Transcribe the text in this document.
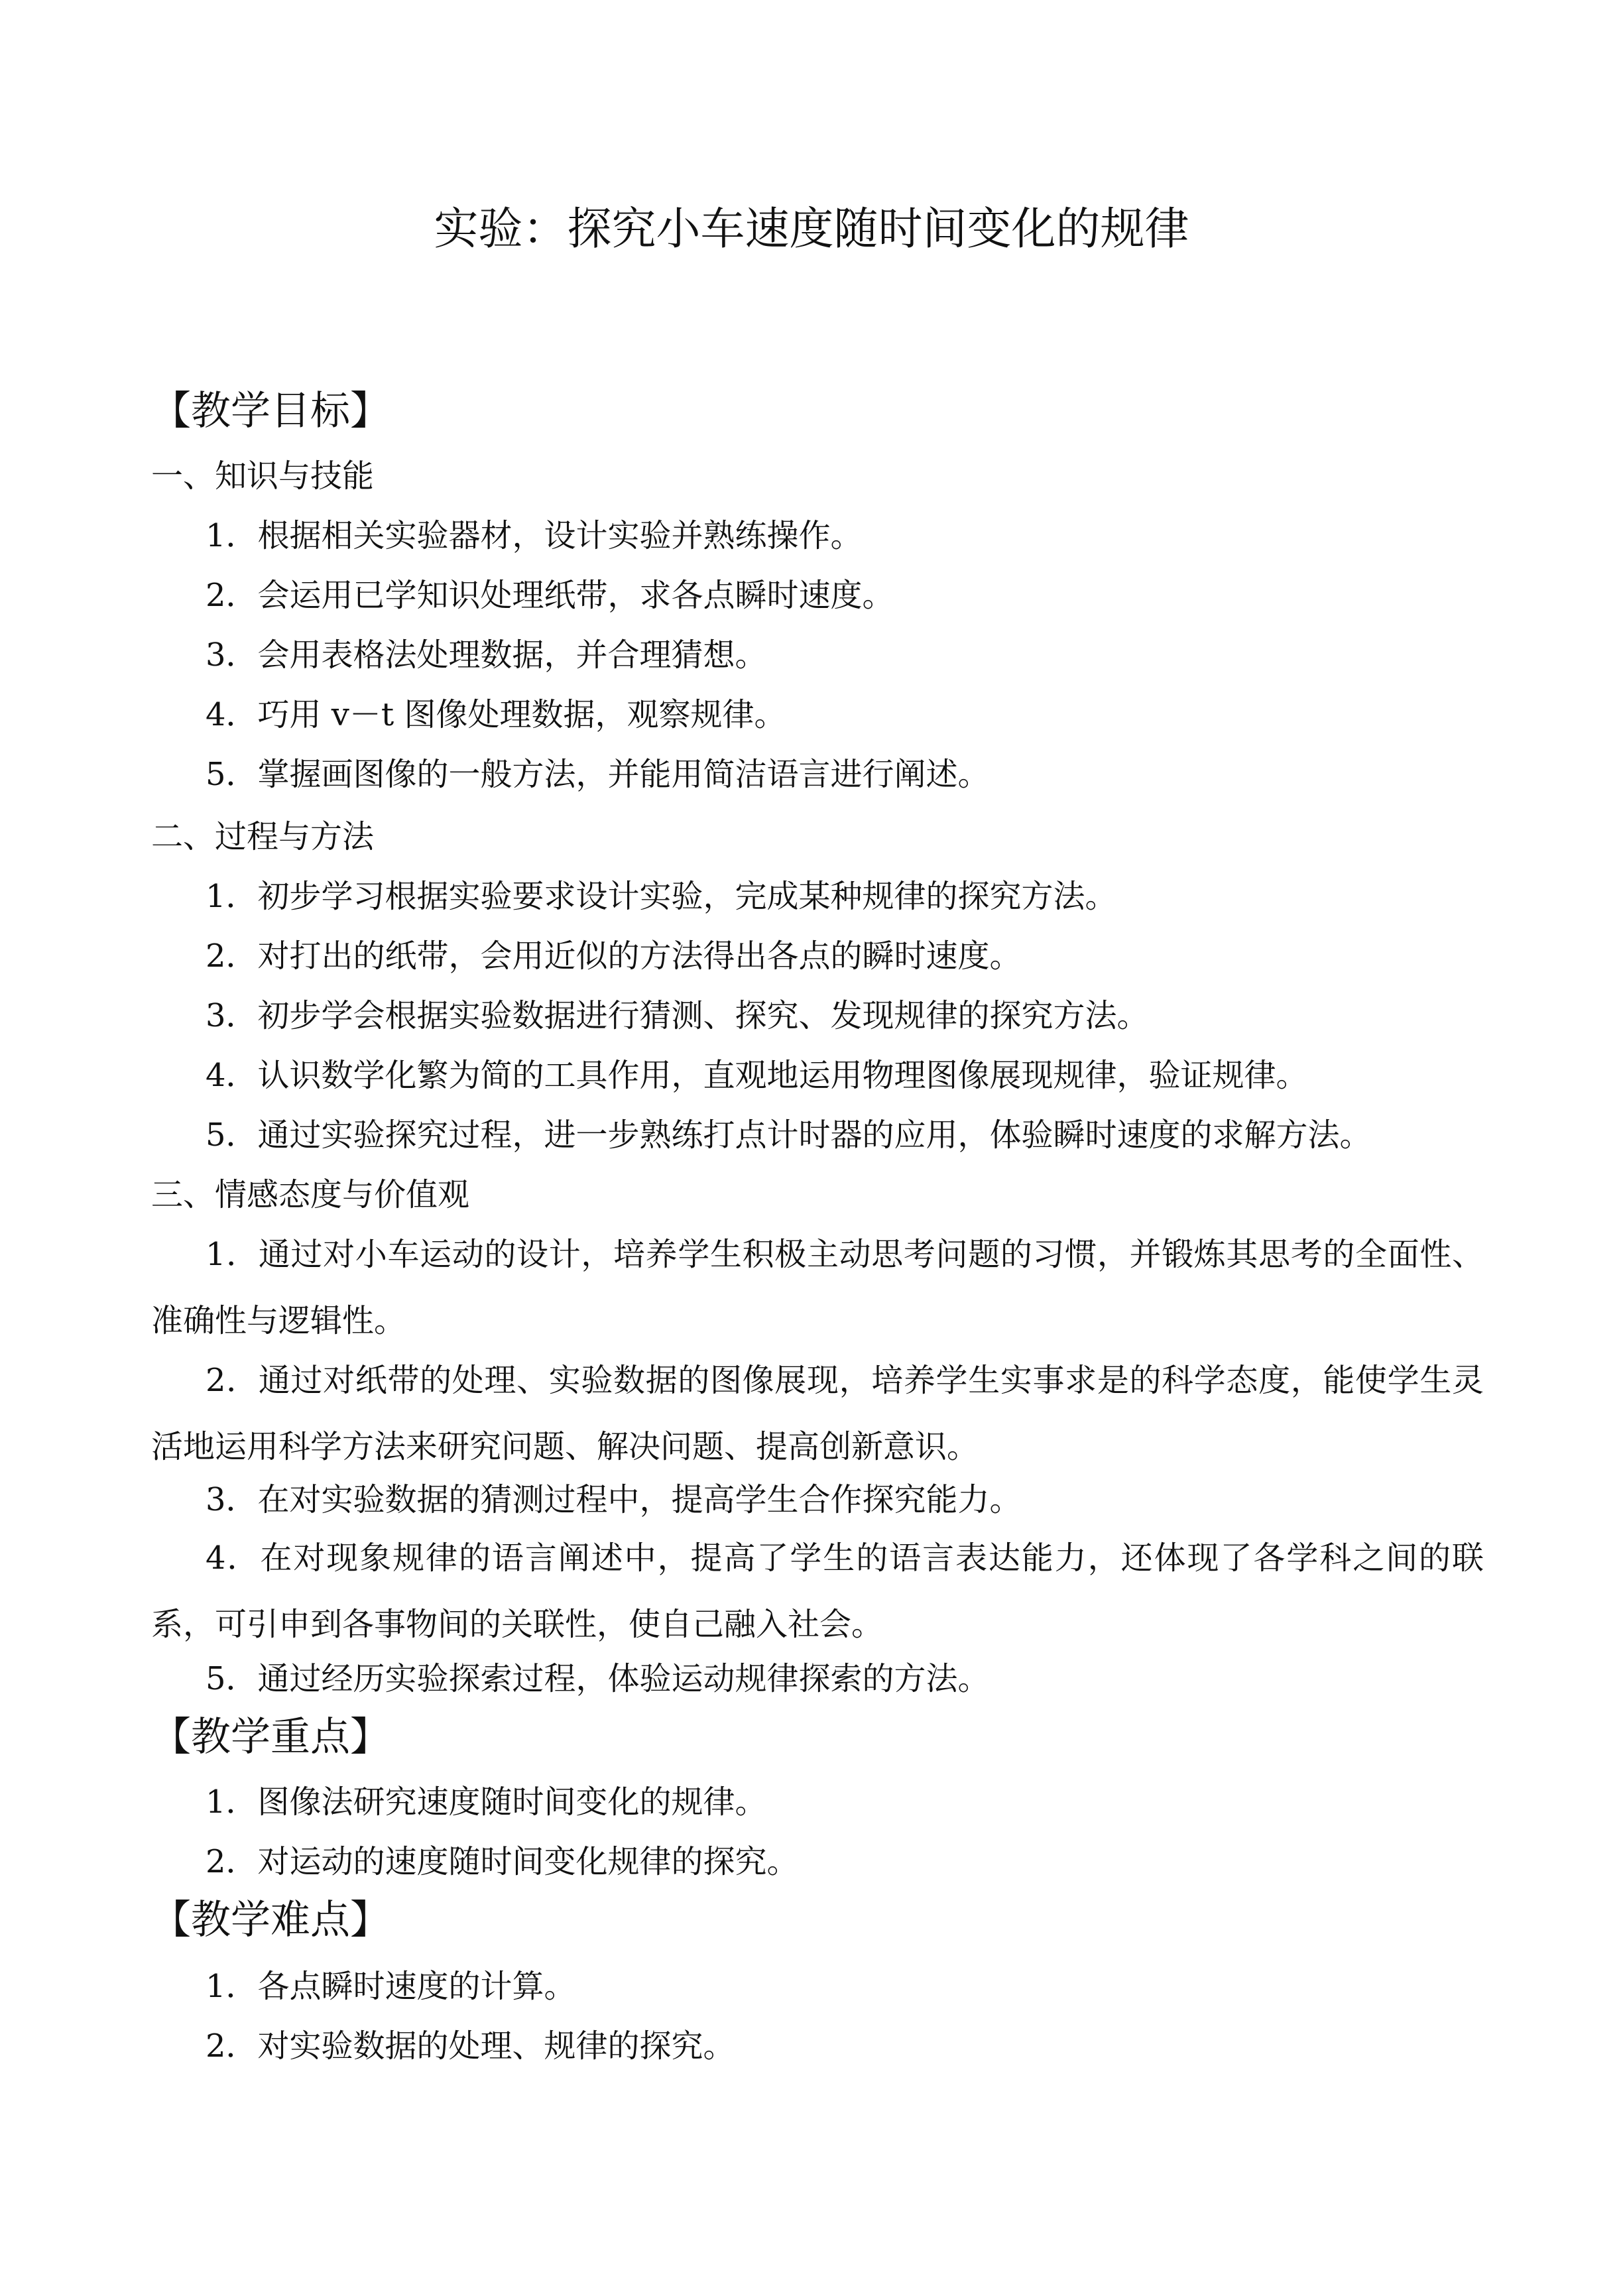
实验：探究小车速度随时间变化的规律
【教学目标】
一、知识与技能
1．根据相关实验器材，设计实验并熟练操作。
2．会运用已学知识处理纸带，求各点瞬时速度。
3．会用表格法处理数据，并合理猜想。
4．巧用 v－t 图像处理数据，观察规律。
5．掌握画图像的一般方法，并能用简洁语言进行阐述。
二、过程与方法
1．初步学习根据实验要求设计实验，完成某种规律的探究方法。
2．对打出的纸带，会用近似的方法得出各点的瞬时速度。
3．初步学会根据实验数据进行猜测、探究、发现规律的探究方法。
4．认识数学化繁为简的工具作用，直观地运用物理图像展现规律，验证规律。
5．通过实验探究过程，进一步熟练打点计时器的应用，体验瞬时速度的求解方法。
三、情感态度与价值观
1．通过对小车运动的设计，培养学生积极主动思考问题的习惯，并锻炼其思考的全面性、准确性与逻辑性。
2．通过对纸带的处理、实验数据的图像展现，培养学生实事求是的科学态度，能使学生灵活地运用科学方法来研究问题、解决问题、提高创新意识。
3．在对实验数据的猜测过程中，提高学生合作探究能力。
4．在对现象规律的语言阐述中，提高了学生的语言表达能力，还体现了各学科之间的联系，可引申到各事物间的关联性，使自己融入社会。
5．通过经历实验探索过程，体验运动规律探索的方法。
【教学重点】
1．图像法研究速度随时间变化的规律。
2．对运动的速度随时间变化规律的探究。
【教学难点】
1．各点瞬时速度的计算。
2．对实验数据的处理、规律的探究。
